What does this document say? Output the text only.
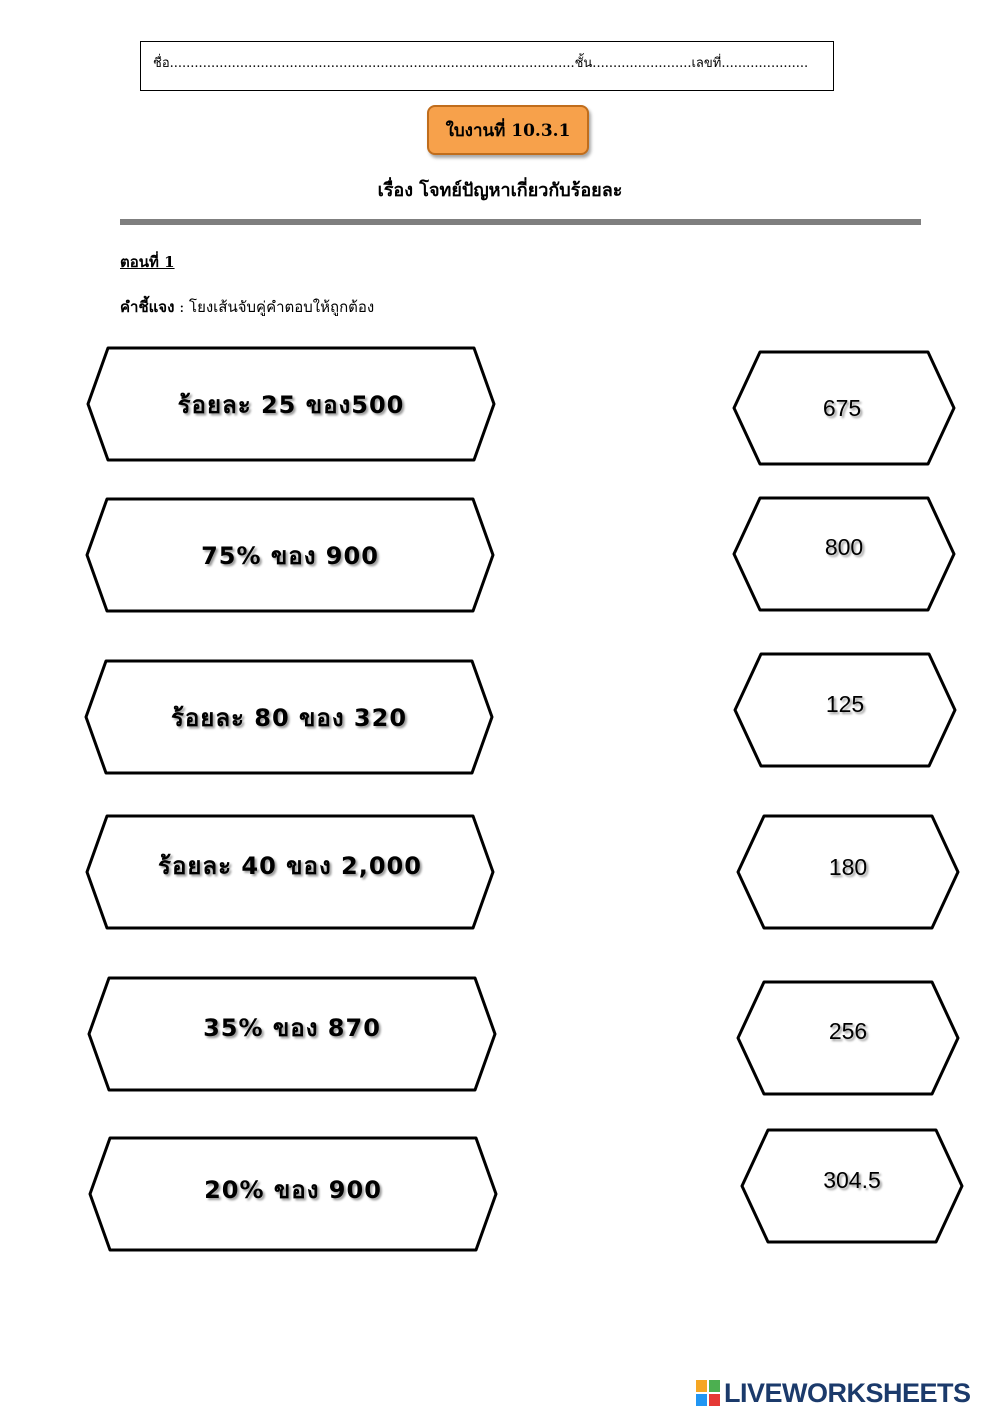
ชื่อ..................................................................................................ชั้น........................เลขที่.....................
ใบงานที่ 10.3.1
เรื่อง โจทย์ปัญหาเกี่ยวกับร้อยละ
ตอนที่ 1
คำชี้แจง : โยงเส้นจับคู่คำตอบให้ถูกต้อง
ร้อยละ 25 ของ500
75% ของ 900
ร้อยละ 80 ของ 320
ร้อยละ 40 ของ 2,000
35% ของ 870
20% ของ 900
675
800
125
180
256
304.5
LIVEWORKSHEETS
